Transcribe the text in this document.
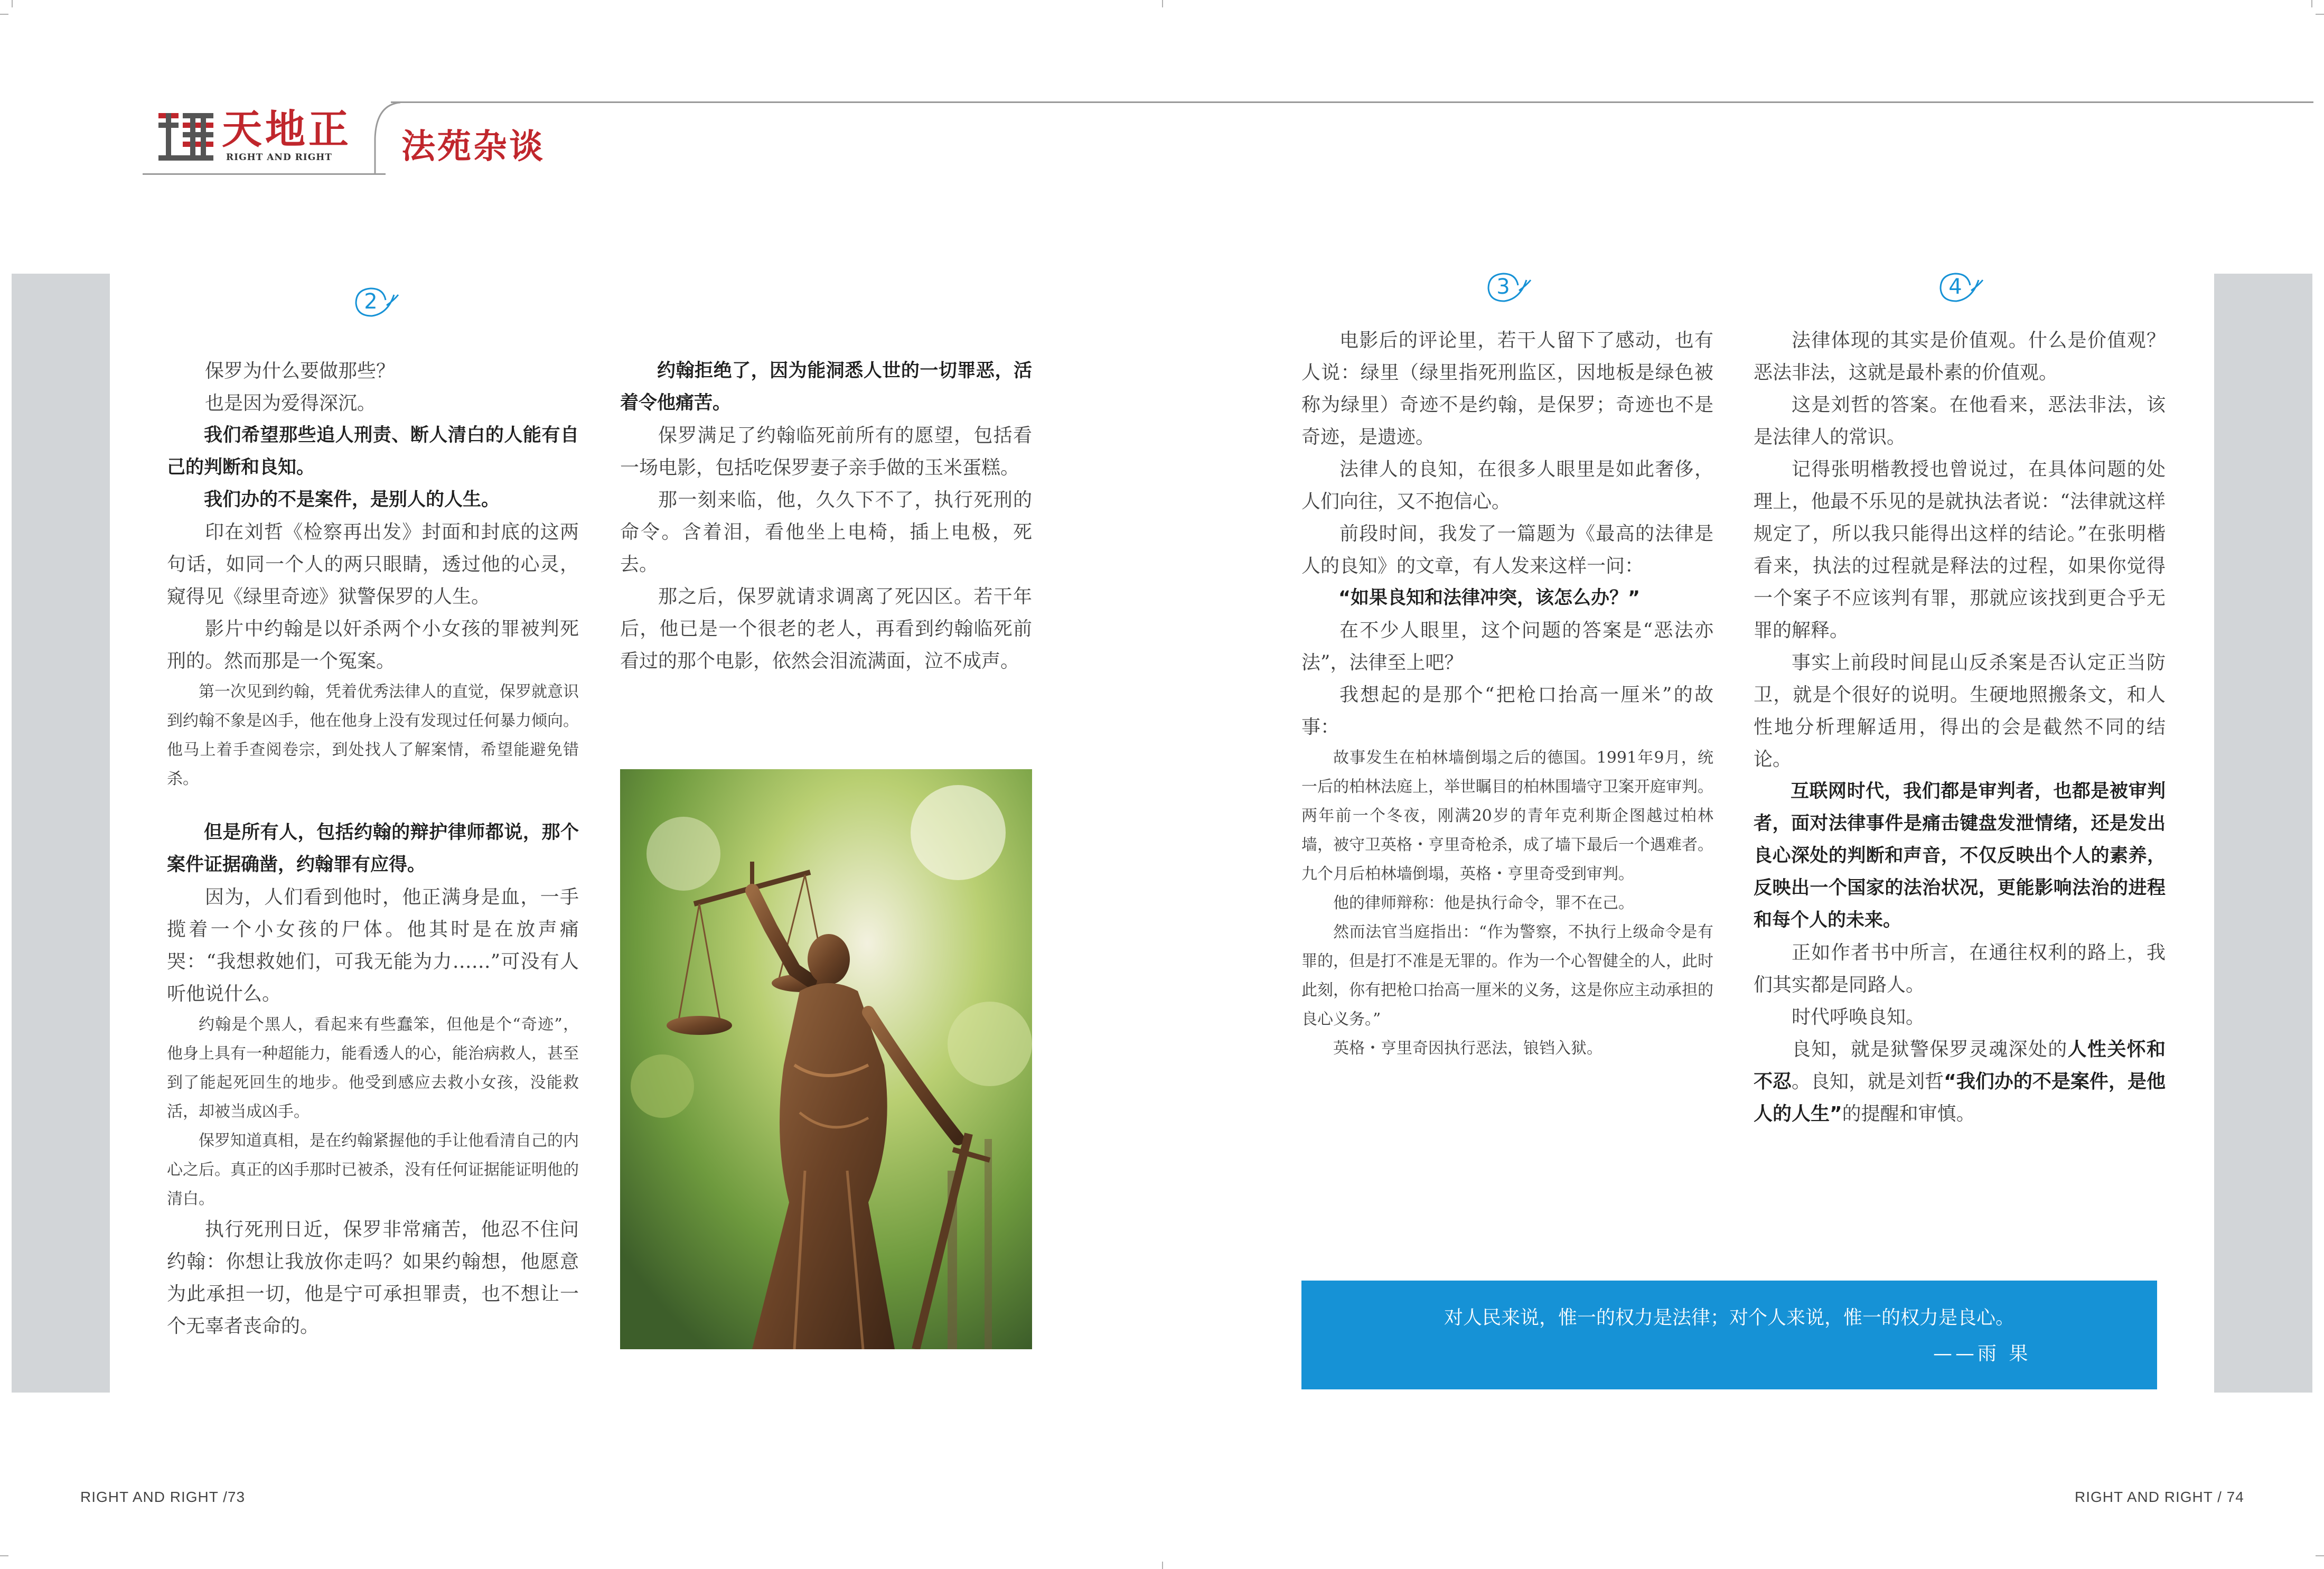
天地正
RIGHT AND RIGHT 法苑杂谈
2
3	4

保罗为什么要做那些？

也是因为爱得深沉。

我们希望那些追人刑责、断人清白的人能有自己的判断和良知。

我们办的不是案件，是别人的人生。

印在刘哲《检察再出发》封面和封底的这两句话，如同一个人的两只眼睛，透过他的心灵，窥得见《绿里奇迹》狱警保罗的人生。

影片中约翰是以奸杀两个小女孩的罪被判死刑的。然而那是一个冤案。

第一次见到约翰，凭着优秀法律人的直觉，保罗就意识到约翰不象是凶手，他在他身上没有发现过任何暴力倾向。他马上着手查阅卷宗，到处找人了解案情，希望能避免错杀。

但是所有人，包括约翰的辩护律师都说，那个案件证据确凿，约翰罪有应得。

因为，人们看到他时，他正满身是血，一手揽着一个小女孩的尸体。他其时是在放声痛哭：“我想救她们，可我无能为力……”可没有人听他说什么。

约翰是个黑人，看起来有些蠢笨，但他是个“奇迹”，他身上具有一种超能力，能看透人的心，能治病救人，甚至到了能起死回生的地步。他受到感应去救小女孩，没能救活，却被当成凶手。

保罗知道真相，是在约翰紧握他的手让他看清自己的内心之后。真正的凶手那时已被杀，没有任何证据能证明他的清白。

执行死刑日近，保罗非常痛苦，他忍不住问约翰：你想让我放你走吗？如果约翰想，他愿意为此承担一切，他是宁可承担罪责，也不想让一个无辜者丧命的。

约翰拒绝了，因为能洞悉人世的一切罪恶，活着令他痛苦。

保罗满足了约翰临死前所有的愿望，包括看一场电影，包括吃保罗妻子亲手做的玉米蛋糕。

那一刻来临，他，久久下不了，执行死刑的命令。含着泪，看他坐上电椅，插上电极，死去。

那之后，保罗就请求调离了死囚区。若干年后，他已是一个很老的老人，再看到约翰临死前看过的那个电影，依然会泪流满面，泣不成声。

电影后的评论里，若干人留下了感动，也有人说：绿里（绿里指死刑监区，因地板是绿色被称为绿里）奇迹不是约翰，是保罗；奇迹也不是奇迹，是遗迹。

法律人的良知，在很多人眼里是如此奢侈，人们向往，又不抱信心。

前段时间，我发了一篇题为《最高的法律是人的良知》的文章，有人发来这样一问：

“如果良知和法律冲突，该怎么办？”

在不少人眼里，这个问题的答案是“恶法亦法”，法律至上吧？

我想起的是那个“把枪口抬高一厘米”的故事：

故事发生在柏林墙倒塌之后的德国。1991年9月，统一后的柏林法庭上，举世瞩目的柏林围墙守卫案开庭审判。两年前一个冬夜，刚满20岁的青年克利斯企图越过柏林墙，被守卫英格・亨里奇枪杀，成了墙下最后一个遇难者。九个月后柏林墙倒塌，英格・亨里奇受到审判。

他的律师辩称：他是执行命令，罪不在己。

然而法官当庭指出：“作为警察，不执行上级命令是有罪的，但是打不准是无罪的。作为一个心智健全的人，此时此刻，你有把枪口抬高一厘米的义务，这是你应主动承担的良心义务。”

英格・亨里奇因执行恶法，锒铛入狱。

法律体现的其实是价值观。什么是价值观？恶法非法，这就是最朴素的价值观。

这是刘哲的答案。在他看来，恶法非法，该是法律人的常识。

记得张明楷教授也曾说过，在具体问题的处理上，他最不乐见的是就执法者说：“法律就这样规定了，所以我只能得出这样的结论。”在张明楷看来，执法的过程就是释法的过程，如果你觉得一个案子不应该判有罪，那就应该找到更合乎无罪的解释。

事实上前段时间昆山反杀案是否认定正当防卫，就是个很好的说明。生硬地照搬条文，和人性地分析理解适用，得出的会是截然不同的结论。

互联网时代，我们都是审判者，也都是被审判者，面对法律事件是痛击键盘发泄情绪，还是发出良心深处的判断和声音，不仅反映出个人的素养，反映出一个国家的法治状况，更能影响法治的进程和每个人的未来。

正如作者书中所言，在通往权利的路上，我们其实都是同路人。

时代呼唤良知。

良知，就是狱警保罗灵魂深处的人性关怀和不忍。良知，就是刘哲“我们办的不是案件，是他人的人生”的提醒和审慎。

对人民来说，惟一的权力是法律；对个人来说，惟一的权力是良心。
——雨 果
RIGHT AND RIGHT /73	RIGHT AND RIGHT / 74
